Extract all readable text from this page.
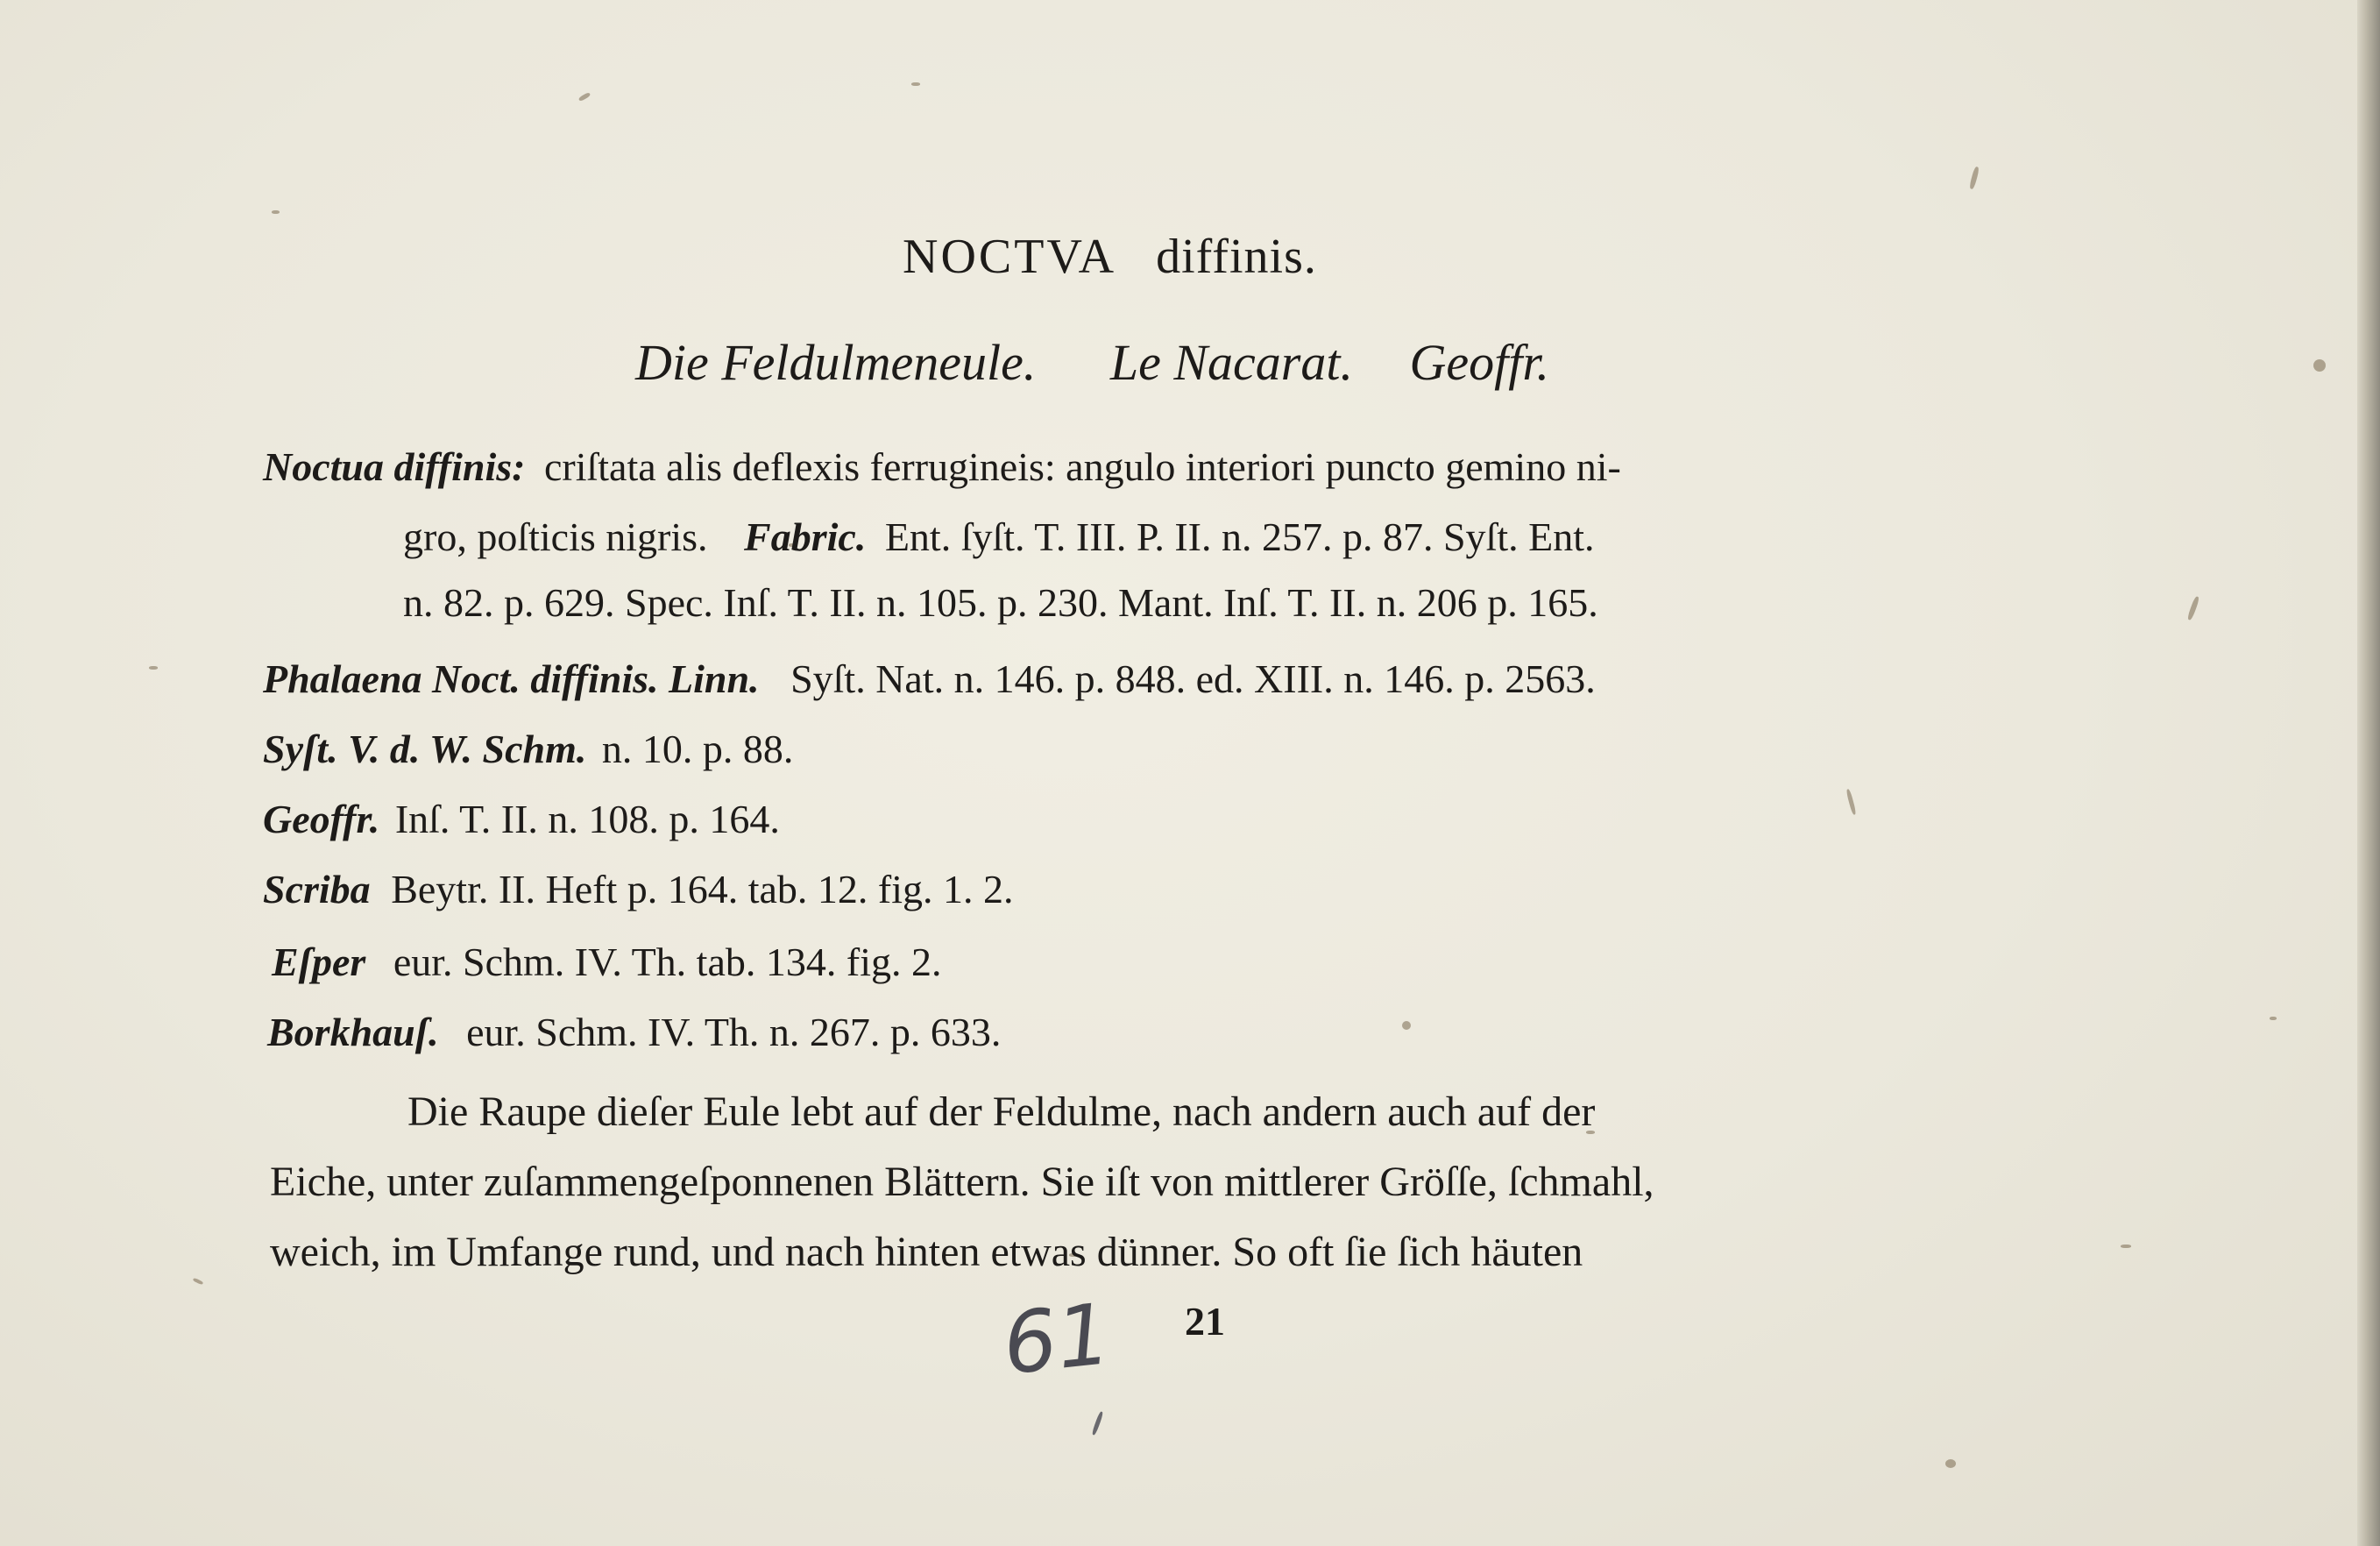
NOCTVA diffinis.
Die Feldulmeneule. Le Nacarat. Geoffr.
Noctua diffinis: criſtata alis deflexis ferrugineis: angulo interiori puncto gemino ni-
gro, poſticis nigris. Fabric. Ent. ſyſt. T. III. P. II. n. 257. p. 87. Syſt. Ent.
n. 82. p. 629. Spec. Inſ. T. II. n. 105. p. 230. Mant. Inſ. T. II. n. 206 p. 165.
Phalaena Noct. diffinis. Linn. Syſt. Nat. n. 146. p. 848. ed. XIII. n. 146. p. 2563.
Syſt. V. d. W. Schm. n. 10. p. 88.
Geoffr. Inſ. T. II. n. 108. p. 164.
Scriba Beytr. II. Heft p. 164. tab. 12. fig. 1. 2.
Eſper eur. Schm. IV. Th. tab. 134. fig. 2.
Borkhauſ. eur. Schm. IV. Th. n. 267. p. 633.
Die Raupe dieſer Eule lebt auf der Feldulme, nach andern auch auf der
Eiche, unter zuſammengeſponnenen Blättern. Sie iſt von mittlerer Gröſſe, ſchmahl,
weich, im Umfange rund, und nach hinten etwas dünner. So oft ſie ſich häuten
21
61
